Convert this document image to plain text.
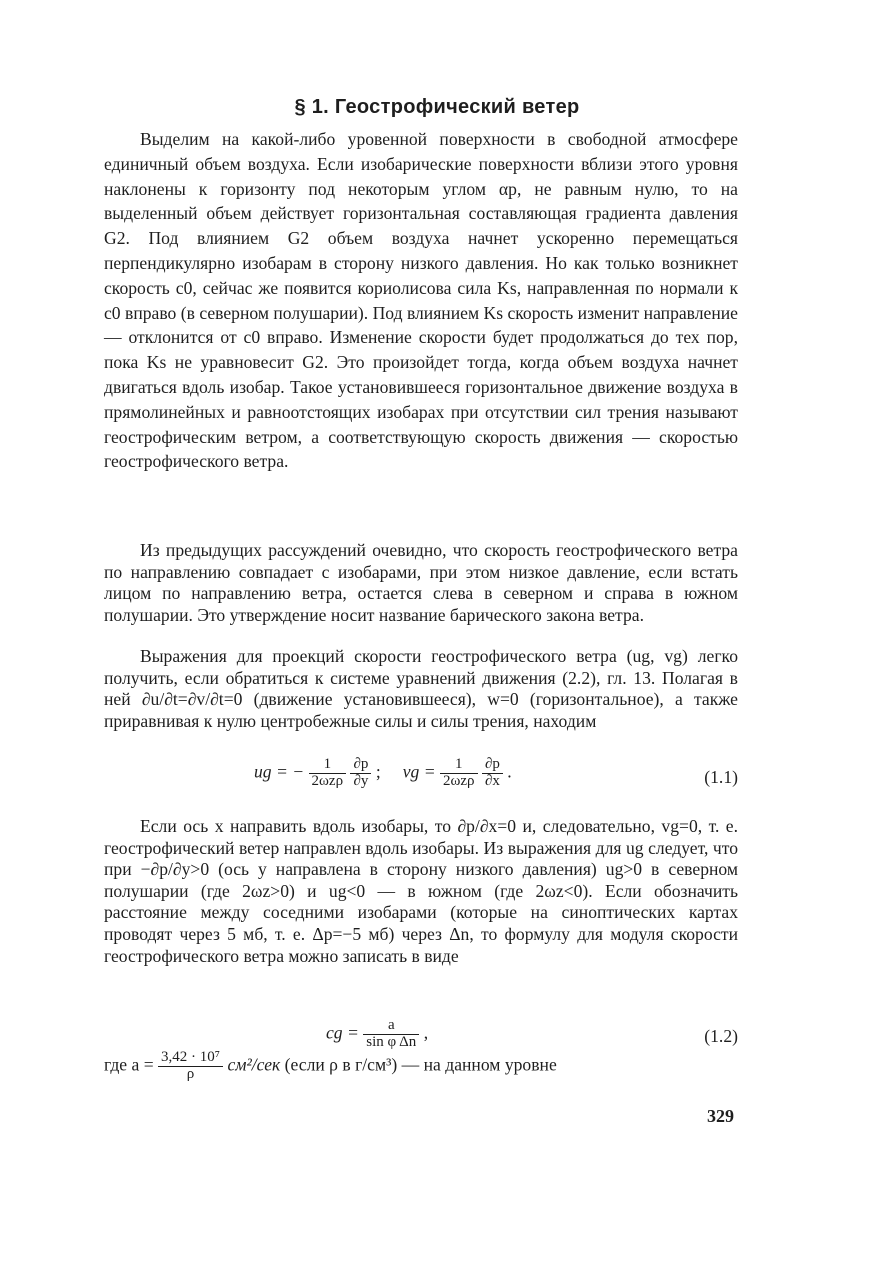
§ 1. Геострофический ветер

Выделим на какой-либо уровенной поверхности в свободной атмосфере единичный объем воздуха. Если изобарические поверхности вблизи этого уровня наклонены к горизонту под некоторым углом αp, не равным нулю, то на выделенный объем действует горизонтальная составляющая градиента давления G2. Под влиянием G2 объем воздуха начнет ускоренно перемещаться перпендикулярно изобарам в сторону низкого давления. Но как только возникнет скорость c0, сейчас же появится кориолисова сила Ks, направленная по нормали к c0 вправо (в северном полушарии). Под влиянием Ks скорость изменит направление — отклонится от c0 вправо. Изменение скорости будет продолжаться до тех пор, пока Ks не уравновесит G2. Это произойдет тогда, когда объем воздуха начнет двигаться вдоль изобар. Такое установившееся горизонтальное движение воздуха в прямолинейных и равноотстоящих изобарах при отсутствии сил трения называют геострофическим ветром, а соответствующую скорость движения — скоростью геострофического ветра.

Из предыдущих рассуждений очевидно, что скорость геострофического ветра по направлению совпадает с изобарами, при этом низкое давление, если встать лицом по направлению ветра, остается слева в северном и справа в южном полушарии. Это утверждение носит название барического закона ветра.

Выражения для проекций скорости геострофического ветра (ug, vg) легко получить, если обратиться к системе уравнений движения (2.2), гл. 13. Полагая в ней ∂u/∂t=∂v/∂t=0 (движение установившееся), w=0 (горизонтальное), а также приравнивая к нулю центробежные силы и силы трения, находим

ug = − $\frac{1}{\text{2ωzρ}}$
$\frac{\partial p}{\partial y}$ ; vg = $\frac{1}{\text{2ωzρ}}$
$\frac{\partial p}{\partial x}$ .	(1.1)

Если ось x направить вдоль изобары, то ∂p/∂x=0 и, следовательно, vg=0, т. е. геострофический ветер направлен вдоль изобары. Из выражения для ug следует, что при −∂p/∂y>0 (ось y направлена в сторону низкого давления) ug>0 в северном полушарии (где 2ωz>0) и ug<0 — в южном (где 2ωz<0). Если обозначить расстояние между соседними изобарами (которые на синоптических картах проводят через 5 мб, т. е. Δp=−5 мб) через Δn, то формулу для модуля скорости геострофического ветра можно записать в виде

cg = $\frac{a}{\text{sin φ Δn}}$ ,	(1.2)
где $a = \frac{\text{3,42 · 10⁷}}{\rho} см^2/сек$ (если ρ в г/см³) — на данном уровне
329
